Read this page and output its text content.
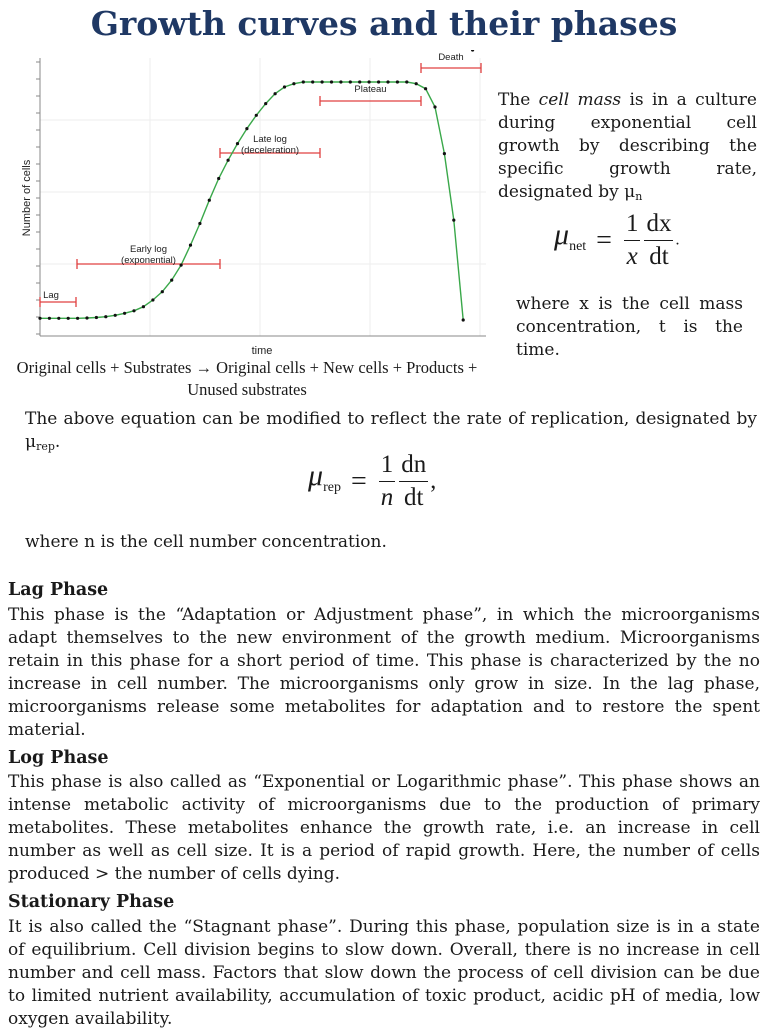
Growth curves and their phases
Number of cells
time
Lag
Early log
(exponential)
Late log
(deceleration)
Plateau
Death
Original cells + Substrates → Original cells + New cells + Products +
Unused substrates

The cell mass is in a culture during exponential cell growth by describing the specific growth rate, designated by $\mu_n$

$\mu net = \frac{1}{x} \frac{dx}{dt}$ .

where x is the cell mass concentration, t is the time.

The above equation can be modified to reflect the rate of replication, designated by $\mu_{rep}$.

$\mu rep = \frac{1}{n} \frac{dn}{dt}$ ,

where n is the cell number concentration.

Lag Phase

This phase is the “Adaptation or Adjustment phase”, in which the microorganisms adapt themselves to the new environment of the growth medium. Microorganisms retain in this phase for a short period of time. This phase is characterized by the no increase in cell number. The microorganisms only grow in size. In the lag phase, microorganisms release some metabolites for adaptation and to restore the spent material.

Log Phase

This phase is also called as “Exponential or Logarithmic phase”. This phase shows an intense metabolic activity of microorganisms due to the production of primary metabolites. These metabolites enhance the growth rate, i.e. an increase in cell number as well as cell size. It is a period of rapid growth. Here, the number of cells produced > the number of cells dying.

Stationary Phase

It is also called the “Stagnant phase”. During this phase, population size is in a state of equilibrium. Cell division begins to slow down. Overall, there is no increase in cell number and cell mass. Factors that slow down the process of cell division can be due to limited nutrient availability, accumulation of toxic product, acidic pH of media, low oxygen availability.
